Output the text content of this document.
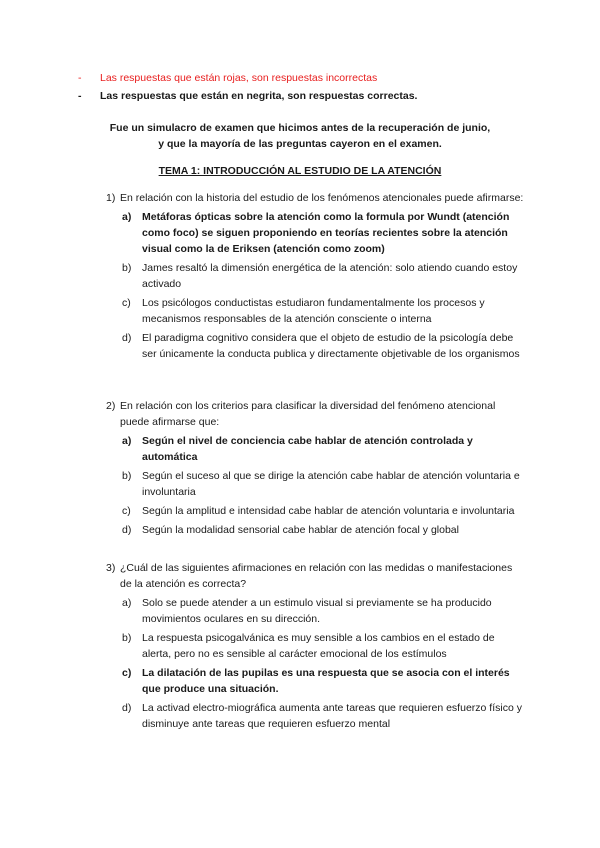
- Las respuestas que están rojas, son respuestas incorrectas
- Las respuestas que están en negrita, son respuestas correctas.
Fue un simulacro de examen que hicimos antes de la recuperación de junio,
y que la mayoría de las preguntas cayeron en el examen.
TEMA 1: INTRODUCCIÓN AL ESTUDIO DE LA ATENCIÓN
1) En relación con la historia del estudio de los fenómenos atencionales puede afirmarse:
a) Metáforas ópticas sobre la atención como la formula por Wundt (atención como foco) se siguen proponiendo en teorías recientes sobre la atención visual como la de Eriksen (atención como zoom)
b) James resaltó la dimensión energética de la atención: solo atiendo cuando estoy activado
c) Los psicólogos conductistas estudiaron fundamentalmente los procesos y mecanismos responsables de la atención consciente o interna
d) El paradigma cognitivo considera que el objeto de estudio de la psicología debe ser únicamente la conducta publica y directamente objetivable de los organismos
2) En relación con los criterios para clasificar la diversidad del fenómeno atencional puede afirmarse que:
a) Según el nivel de conciencia cabe hablar de atención controlada y automática
b) Según el suceso al que se dirige la atención cabe hablar de atención voluntaria e involuntaria
c) Según la amplitud e intensidad cabe hablar de atención voluntaria e involuntaria
d) Según la modalidad sensorial cabe hablar de atención focal y global
3) ¿Cuál de las siguientes afirmaciones en relación con las medidas o manifestaciones de la atención es correcta?
a) Solo se puede atender a un estimulo visual si previamente se ha producido movimientos oculares en su dirección.
b) La respuesta psicogalvánica es muy sensible a los cambios en el estado de alerta, pero no es sensible al carácter emocional de los estímulos
c) La dilatación de las pupilas es una respuesta que se asocia con el interés que produce una situación.
d) La activad electro-miográfica aumenta ante tareas que requieren esfuerzo físico y disminuye ante tareas que requieren esfuerzo mental
